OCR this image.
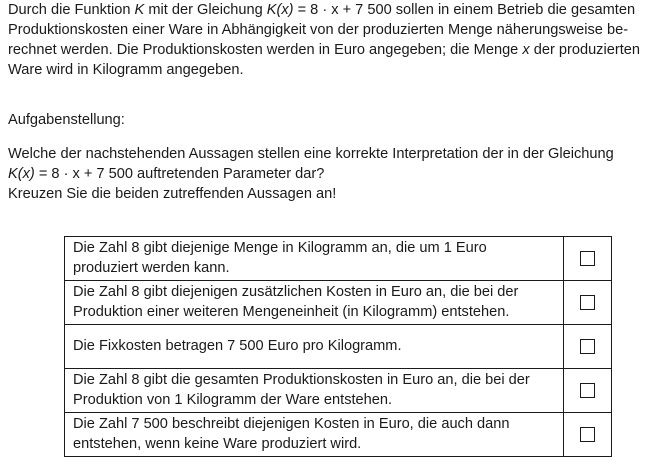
Durch die Funktion K mit der Gleichung K(x) = 8 · x + 7 500 sollen in einem Betrieb die gesamten

Produktionskosten einer Ware in Abhängigkeit von der produzierten Menge näherungsweise be-

rechnet werden. Die Produktionskosten werden in Euro angegeben; die Menge x der produzierten

Ware wird in Kilogramm angegeben.

Aufgabenstellung:

Welche der nachstehenden Aussagen stellen eine korrekte Interpretation der in der Gleichung

K(x) = 8 · x + 7 500 auftretenden Parameter dar?

Kreuzen Sie die beiden zutreffenden Aussagen an!

Die Zahl 8 gibt diejenige Menge in Kilogramm an, die um 1 Euro
produziert werden kann.	

Die Zahl 8 gibt diejenigen zusätzlichen Kosten in Euro an, die bei der
Produktion einer weiteren Mengeneinheit (in Kilogramm) entstehen.	

Die Fixkosten betragen 7 500 Euro pro Kilogramm.	

Die Zahl 8 gibt die gesamten Produktionskosten in Euro an, die bei der
Produktion von 1 Kilogramm der Ware entstehen.	

Die Zahl 7 500 beschreibt diejenigen Kosten in Euro, die auch dann
entstehen, wenn keine Ware produziert wird.	
